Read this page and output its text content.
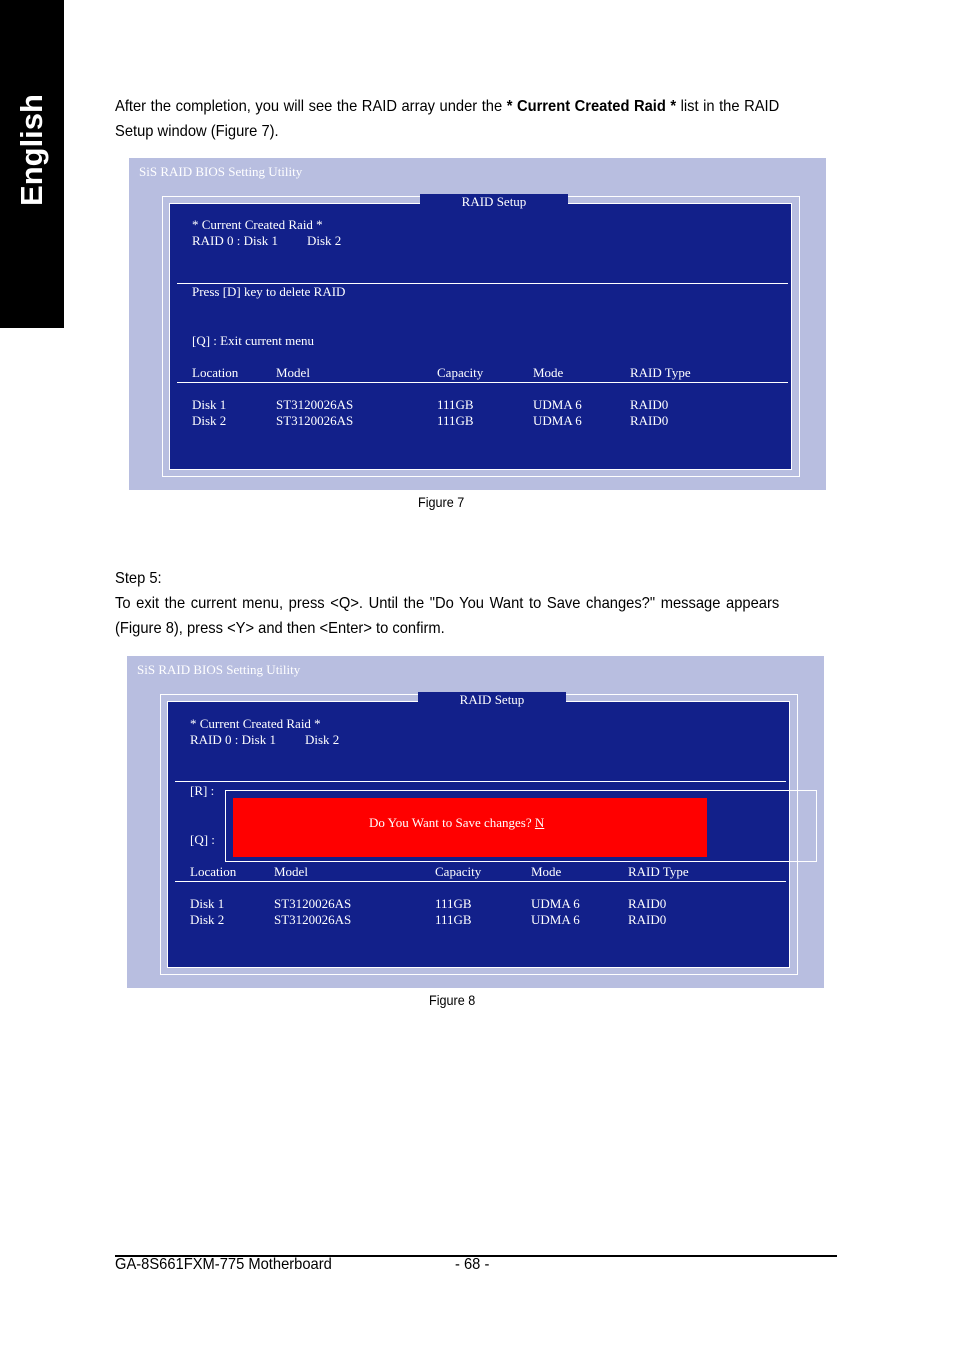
English	After the completion, you will see the RAID array under the * Current Created Raid * list in the RAID Setup window (Figure 7).
SiS RAID BIOS Setting Utility
RAID Setup
* Current Created Raid *
RAID 0 : Disk 1 Disk 2
Press [D] key to delete RAID
[Q] : Exit current menu
Location	Model	Capacity	Mode	RAID Type
Disk 1	ST3120026AS	111GB	UDMA 6	RAID0
Disk 2	ST3120026AS	111GB	UDMA 6	RAID0
Figure 7
Step 5:
To exit the current menu, press <Q>. Until the "Do You Want to Save changes?" message appears (Figure 8), press <Y> and then <Enter> to confirm.
SiS RAID BIOS Setting Utility
RAID Setup
* Current Created Raid *
RAID 0 : Disk 1 Disk 2
[R] :
[Q] :
Do You Want to Save changes? N
Location	Model	Capacity	Mode	RAID Type
Disk 1	ST3120026AS	111GB	UDMA 6	RAID0
Disk 2	ST3120026AS	111GB	UDMA 6	RAID0
Figure 8
GA-8S661FXM-775 Motherboard	- 68 -
